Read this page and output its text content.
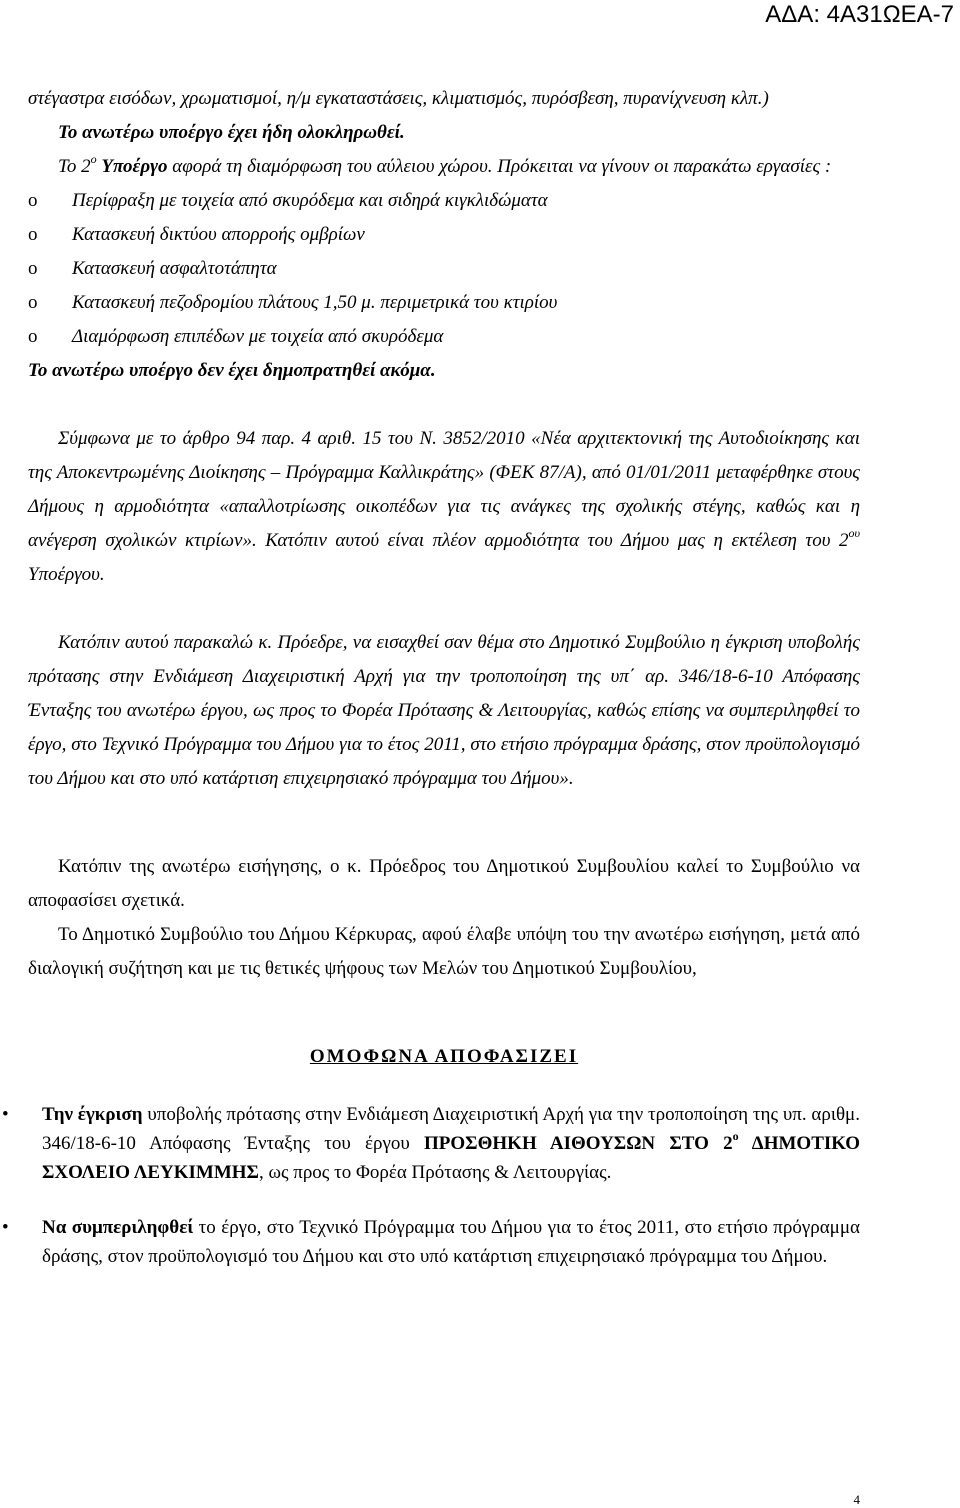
ΑΔΑ: 4Α31ΩΕΑ-7

στέγαστρα εισόδων, χρωματισμοί, η/μ εγκαταστάσεις, κλιματισμός, πυρόσβεση, πυρανίχνευση κλπ.)

Το ανωτέρω υποέργο έχει ήδη ολοκληρωθεί.

Το $2^o$ Υποέργο αφορά τη διαμόρφωση του αύλειου χώρου. Πρόκειται να γίνουν οι παρακάτω εργασίες :

o Περίφραξη με τοιχεία από σκυρόδεμα και σιδηρά κιγκλιδώματα
o Κατασκευή δικτύου απορροής ομβρίων
o Κατασκευή ασφαλτοτάπητα
o Κατασκευή πεζοδρομίου πλάτους 1,50 μ. περιμετρικά του κτιρίου
o Διαμόρφωση επιπέδων με τοιχεία από σκυρόδεμα

Το ανωτέρω υποέργο δεν έχει δημοπρατηθεί ακόμα.

Σύμφωνα με το άρθρο 94 παρ. 4 αριθ. 15 του Ν. 3852/2010 «Νέα αρχιτεκτονική της Αυτοδιοίκησης και της Αποκεντρωμένης Διοίκησης – Πρόγραμμα Καλλικράτης» (ΦΕΚ 87/Α), από 01/01/2011 μεταφέρθηκε στους Δήμους η αρμοδιότητα «απαλλοτρίωσης οικοπέδων για τις ανάγκες της σχολικής στέγης, καθώς και η ανέγερση σχολικών κτιρίων». Κατόπιν αυτού είναι πλέον αρμοδιότητα του Δήμου μας η εκτέλεση του $2^{o\upsilon}$ Υποέργου.

Κατόπιν αυτού παρακαλώ κ. Πρόεδρε, να εισαχθεί σαν θέμα στο Δημοτικό Συμβούλιο η έγκριση υποβολής πρότασης στην Ενδιάμεση Διαχειριστική Αρχή για την τροποποίηση της υπ΄ αρ. 346/18-6-10 Απόφασης Ένταξης του ανωτέρω έργου, ως προς το Φορέα Πρότασης & Λειτουργίας, καθώς επίσης να συμπεριληφθεί το έργο, στο Τεχνικό Πρόγραμμα του Δήμου για το έτος 2011, στο ετήσιο πρόγραμμα δράσης, στον προϋπολογισμό του Δήμου και στο υπό κατάρτιση επιχειρησιακό πρόγραμμα του Δήμου».

Κατόπιν της ανωτέρω εισήγησης, ο κ. Πρόεδρος του Δημοτικού Συμβουλίου καλεί το Συμβούλιο να αποφασίσει σχετικά.

Το Δημοτικό Συμβούλιο του Δήμου Κέρκυρας, αφού έλαβε υπόψη του την ανωτέρω εισήγηση, μετά από διαλογική συζήτηση και με τις θετικές ψήφους των Μελών του Δημοτικού Συμβουλίου,

ΟΜΟΦΩΝΑ ΑΠΟΦΑΣΙΖΕΙ

• Την έγκριση υποβολής πρότασης στην Ενδιάμεση Διαχειριστική Αρχή για την τροποποίηση της υπ. αριθμ. 346/18-6-10 Απόφασης Ένταξης του έργου ΠΡΟΣΘΗΚΗ ΑΙΘΟΥΣΩΝ ΣΤΟ $2^o$ ΔΗΜΟΤΙΚΟ ΣΧΟΛΕΙΟ ΛΕΥΚΙΜΜΗΣ, ως προς το Φορέα Πρότασης & Λειτουργίας.
• Να συμπεριληφθεί το έργο, στο Τεχνικό Πρόγραμμα του Δήμου για το έτος 2011, στο ετήσιο πρόγραμμα δράσης, στον προϋπολογισμό του Δήμου και στο υπό κατάρτιση επιχειρησιακό πρόγραμμα του Δήμου.
4
